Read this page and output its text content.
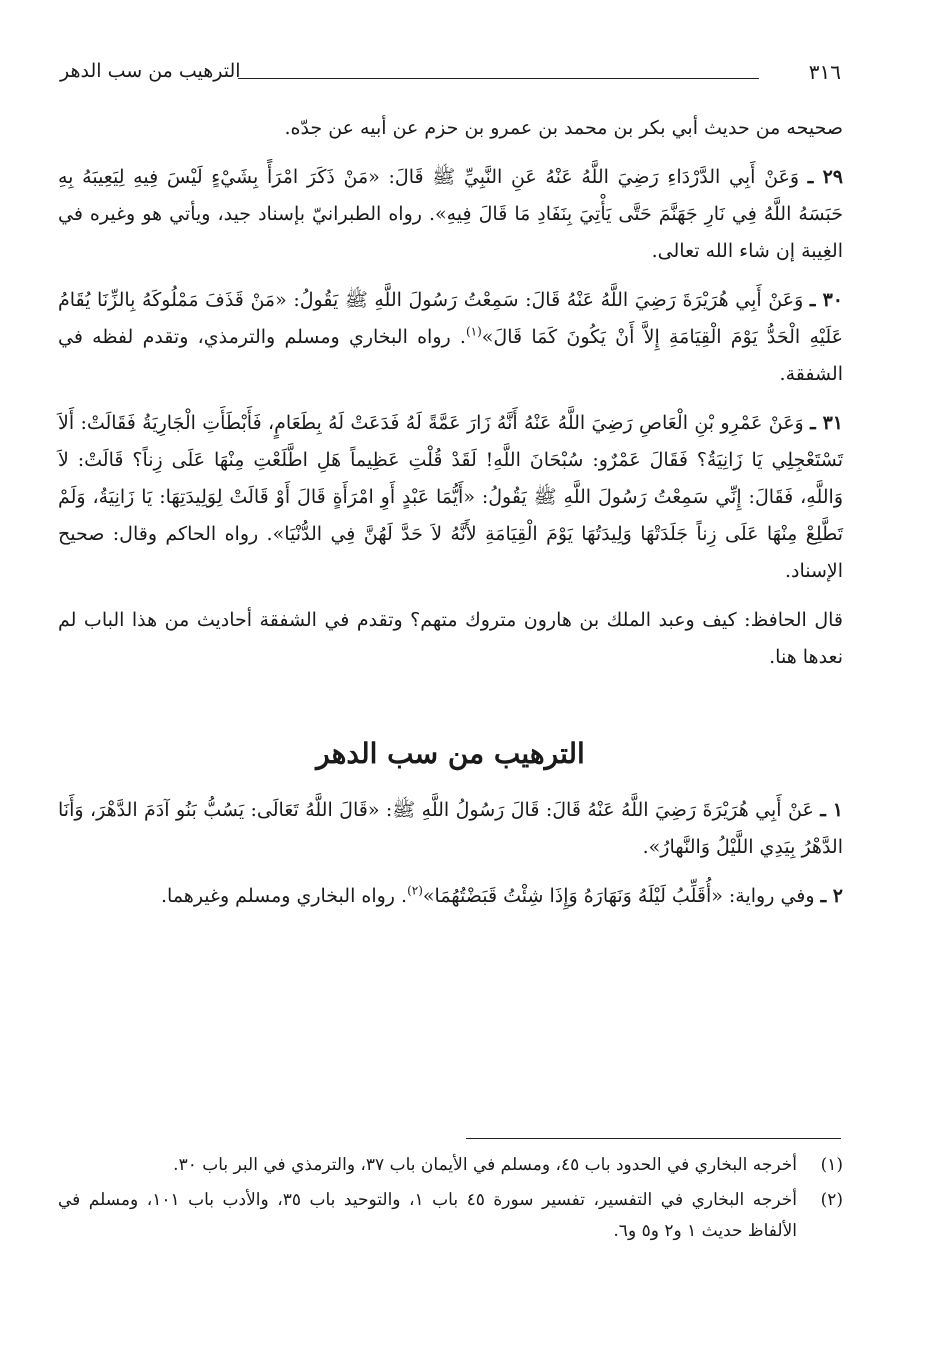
٣١٦
الترهيب من سب الدهر

صحيحه من حديث أبي بكر بن محمد بن عمرو بن حزم عن أبيه عن جدّه.

٢٩ ـ وَعَنْ أَبِي الدَّرْدَاءِ رَضِيَ اللَّهُ عَنْهُ عَنِ النَّبِيِّ ﷺ قَالَ: «مَنْ ذَكَرَ امْرَأً بِشَيْءٍ لَيْسَ فِيهِ لِيَعِيبَهُ بِهِ حَبَسَهُ اللَّهُ فِي نَارِ جَهَنَّمَ حَتَّى يَأْتِيَ بِنَفَادِ مَا قَالَ فِيهِ». رواه الطبرانيّ بإسناد جيد، ويأتي هو وغيره في الغِيبة إن شاء الله تعالى.

٣٠ ـ وَعَنْ أَبِي هُرَيْرَةَ رَضِيَ اللَّهُ عَنْهُ قَالَ: سَمِعْتُ رَسُولَ اللَّهِ ﷺ يَقُولُ: «مَنْ قَذَفَ مَمْلُوكَهُ بِالزِّنَا يُقَامُ عَلَيْهِ الْحَدُّ يَوْمَ الْقِيَامَةِ إِلاَّ أَنْ يَكُونَ كَمَا قَالَ»$^{(١)}$. رواه البخاري ومسلم والترمذي، وتقدم لفظه في الشفقة.

٣١ ـ وَعَنْ عَمْرِو بْنِ الْعَاصِ رَضِيَ اللَّهُ عَنْهُ أَنَّهُ زَارَ عَمَّةً لَهُ فَدَعَتْ لَهُ بِطَعَامٍ، فَأَبْطَأَتِ الْجَارِيَةُ فَقَالَتْ: أَلاَ تَسْتَعْجِلِي يَا زَانِيَةُ؟ فَقَالَ عَمْرٌو: سُبْحَانَ اللَّهِ! لَقَدْ قُلْتِ عَظِيماً هَلِ اطَّلَعْتِ مِنْهَا عَلَى زِناً؟ قَالَتْ: لاَ وَاللَّهِ، فَقَالَ: إِنِّي سَمِعْتُ رَسُولَ اللَّهِ ﷺ يَقُولُ: «أَيُّمَا عَبْدٍ أَوِ امْرَأَةٍ قَالَ أَوْ قَالَتْ لِوَلِيدَتِهَا: يَا زَانِيَةُ، وَلَمْ تَطَّلِعْ مِنْهَا عَلَى زِناً جَلَدَتْهَا وَلِيدَتُهَا يَوْمَ الْقِيَامَةِ لأَنَّهُ لاَ حَدَّ لَهُنَّ فِي الدُّنْيَا». رواه الحاكم وقال: صحيح الإسناد.

قال الحافظ: كيف وعبد الملك بن هارون متروك متهم؟ وتقدم في الشفقة أحاديث من هذا الباب لم نعدها هنا.

الترهيب من سب الدهر

١ ـ عَنْ أَبِي هُرَيْرَةَ رَضِيَ اللَّهُ عَنْهُ قَالَ: قَالَ رَسُولُ اللَّهِ ﷺ: «قَالَ اللَّهُ تَعَالَى: يَسُبُّ بَنُو آدَمَ الدَّهْرَ، وَأَنَا الدَّهْرُ بِيَدِي اللَّيْلُ وَالنَّهارُ».

٢ ـ وفي رواية: «أُقَلِّبُ لَيْلَهُ وَنَهَارَهُ وَإِذَا شِئْتُ قَبَضْتُهُمَا»$^{(٢)}$. رواه البخاري ومسلم وغيرهما.

(١)
أخرجه البخاري في الحدود باب ٤٥، ومسلم في الأيمان باب ٣٧، والترمذي في البر باب ٣٠.
(٢)
أخرجه البخاري في التفسير، تفسير سورة ٤٥ باب ١، والتوحيد باب ٣٥، والأدب باب ١٠١، ومسلم في الألفاظ حديث ١ و٢ و٥ و٦.
